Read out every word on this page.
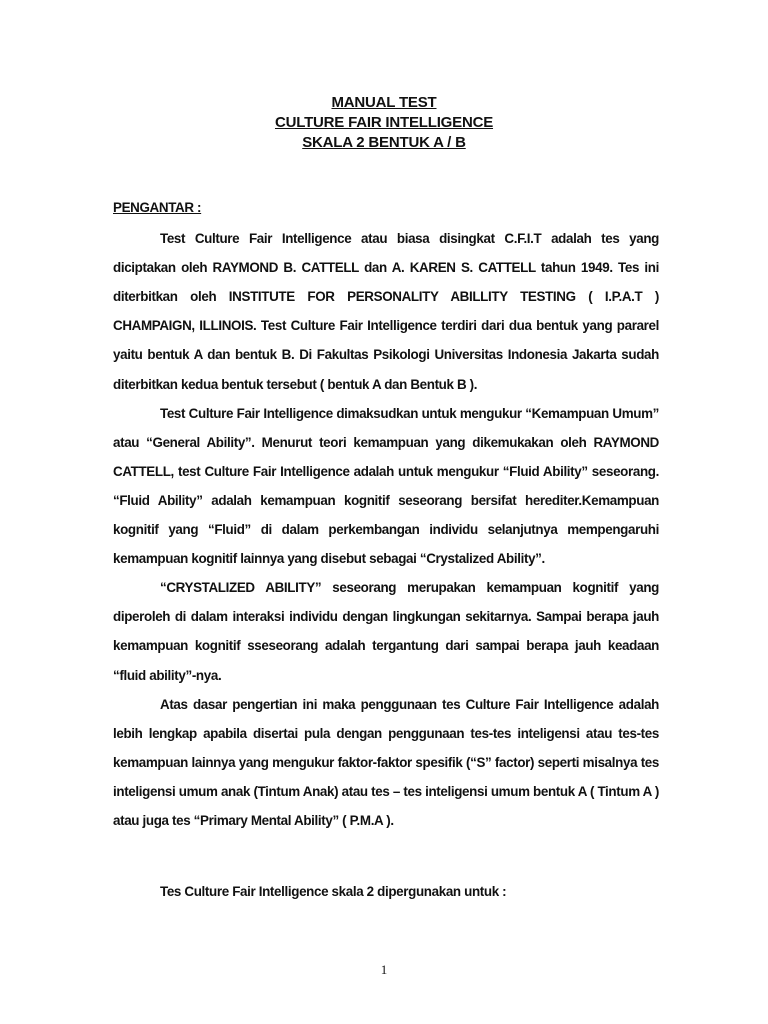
MANUAL TEST
CULTURE FAIR INTELLIGENCE
SKALA 2 BENTUK A / B
PENGANTAR :

Test Culture Fair Intelligence atau biasa disingkat C.F.I.T adalah tes yang diciptakan oleh RAYMOND B. CATTELL dan A. KAREN S. CATTELL tahun 1949. Tes ini diterbitkan oleh INSTITUTE FOR PERSONALITY ABILLITY TESTING ( I.P.A.T ) CHAMPAIGN, ILLINOIS. Test Culture Fair Intelligence terdiri dari dua bentuk yang pararel yaitu bentuk A dan bentuk B. Di Fakultas Psikologi Universitas Indonesia Jakarta sudah diterbitkan kedua bentuk tersebut ( bentuk A dan Bentuk B ).

Test Culture Fair Intelligence dimaksudkan untuk mengukur “Kemampuan Umum” atau “General Ability”. Menurut teori kemampuan yang dikemukakan oleh RAYMOND CATTELL, test Culture Fair Intelligence adalah untuk mengukur “Fluid Ability” seseorang. “Fluid Ability” adalah kemampuan kognitif seseorang bersifat herediter.Kemampuan kognitif yang “Fluid” di dalam perkembangan individu selanjutnya mempengaruhi kemampuan kognitif lainnya yang disebut sebagai “Crystalized Ability”.

“CRYSTALIZED ABILITY” seseorang merupakan kemampuan kognitif yang diperoleh di dalam interaksi individu dengan lingkungan sekitarnya. Sampai berapa jauh kemampuan kognitif sseseorang adalah tergantung dari sampai berapa jauh keadaan “fluid ability”-nya.

Atas dasar pengertian ini maka penggunaan tes Culture Fair Intelligence adalah lebih lengkap apabila disertai pula dengan penggunaan tes-tes inteligensi atau tes-tes kemampuan lainnya yang mengukur faktor-faktor spesifik (“S” factor) seperti misalnya tes inteligensi umum anak (Tintum Anak) atau tes – tes inteligensi umum bentuk A ( Tintum A ) atau juga tes “Primary Mental Ability” ( P.M.A ).

Tes Culture Fair Intelligence skala 2 dipergunakan untuk :
1
